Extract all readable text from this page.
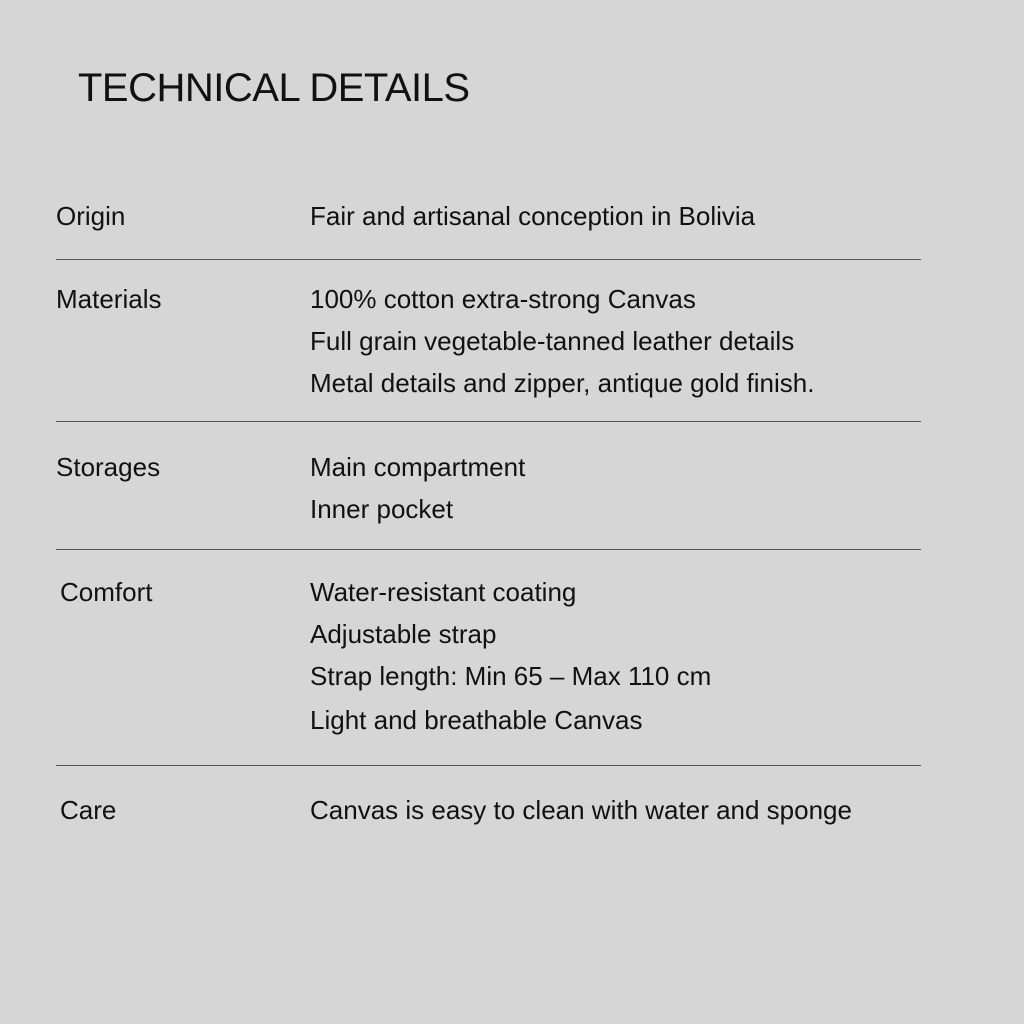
TECHNICAL DETAILS
Origin	Fair and artisanal conception in Bolivia
Materials	100% cotton extra-strong Canvas
Full grain vegetable-tanned leather details
Metal details and zipper, antique gold finish.
Storages	Main compartment
Inner pocket
Comfort	Water-resistant coating
Adjustable strap
Strap length: Min 65 – Max 110 cm
Light and breathable Canvas
Care	Canvas is easy to clean with water and sponge
